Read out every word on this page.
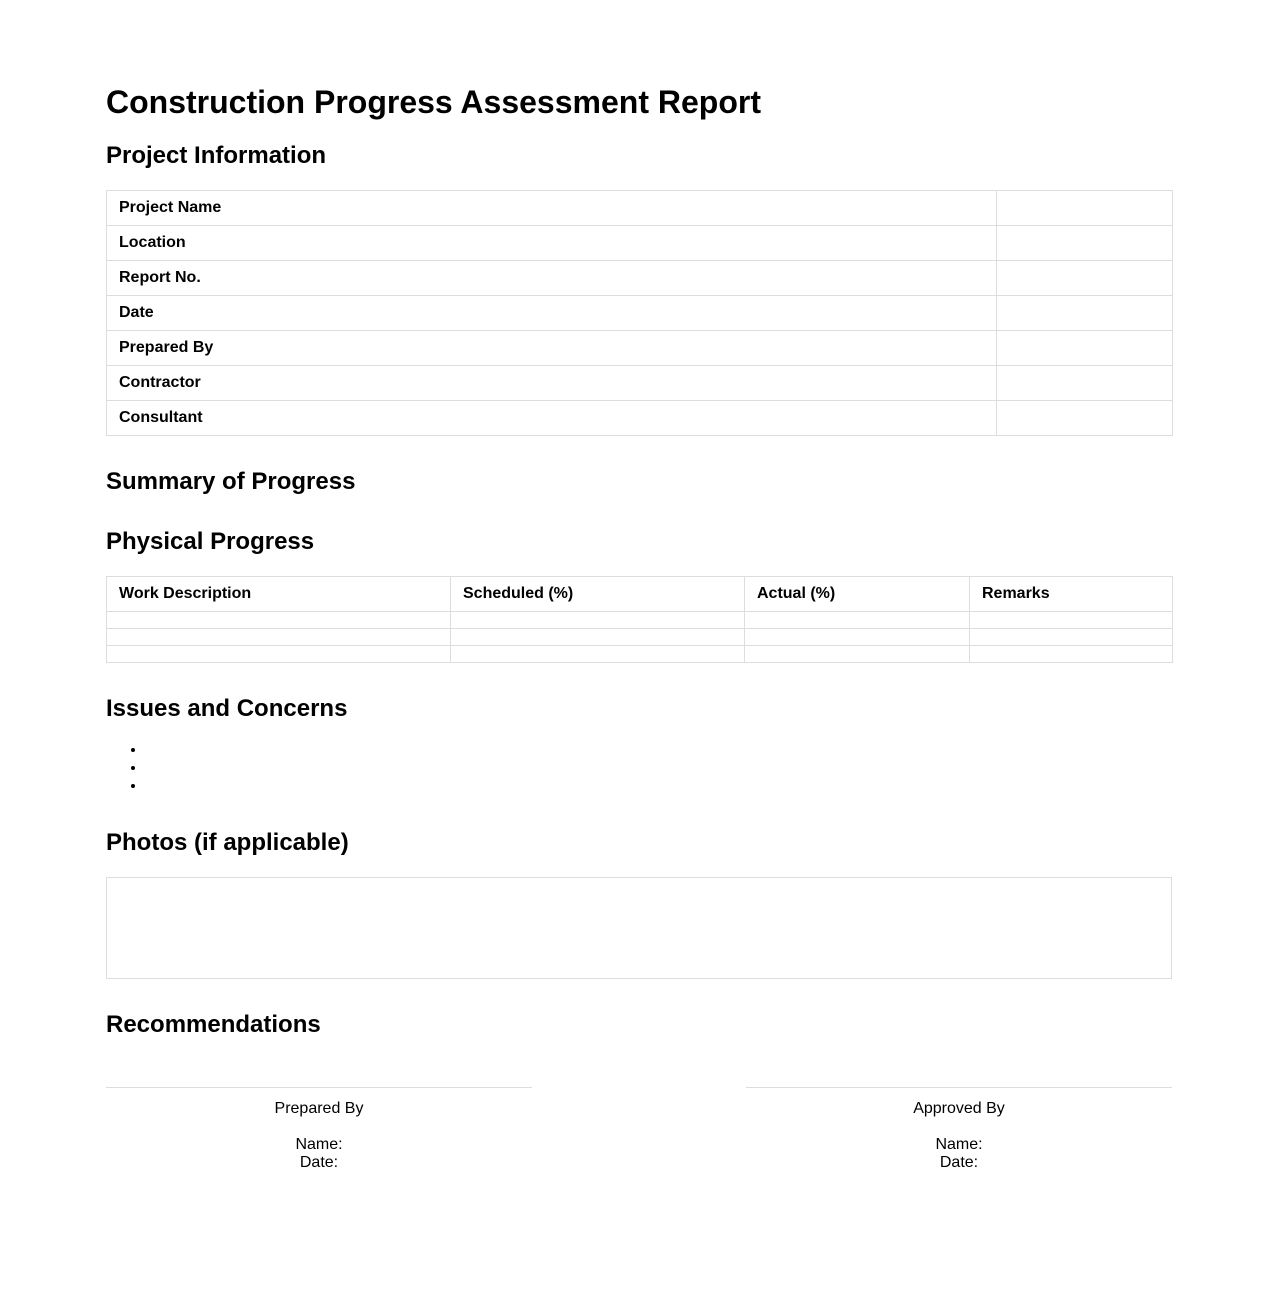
Construction Progress Assessment Report
Project Information
Project Name	
Location	
Report No.	
Date	
Prepared By	
Contractor	
Consultant	
Summary of Progress
Physical Progress
Work Description	Scheduled (%)	Actual (%)	Remarks

Issues and Concerns
Photos (if applicable)
Recommendations
Prepared By
Name:
Date:
Approved By
Name:
Date:
